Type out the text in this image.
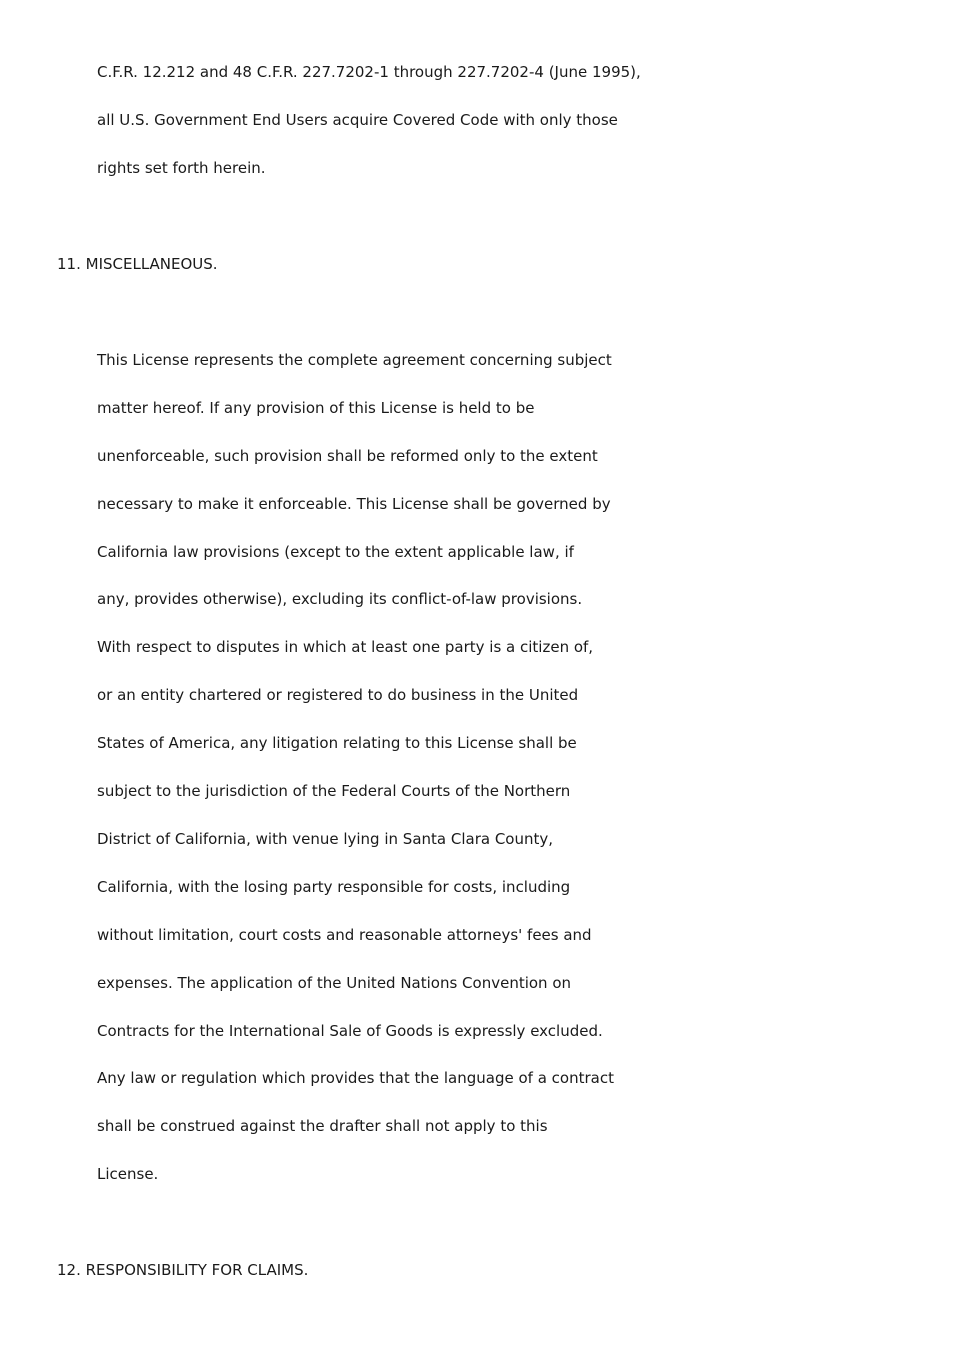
C.F.R. 12.212 and 48 C.F.R. 227.7202-1 through 227.7202-4 (June 1995),

all U.S. Government End Users acquire Covered Code with only those

rights set forth herein.

11. MISCELLANEOUS.

This License represents the complete agreement concerning subject

matter hereof. If any provision of this License is held to be

unenforceable, such provision shall be reformed only to the extent

necessary to make it enforceable. This License shall be governed by

California law provisions (except to the extent applicable law, if

any, provides otherwise), excluding its conflict-of-law provisions.

With respect to disputes in which at least one party is a citizen of,

or an entity chartered or registered to do business in the United

States of America, any litigation relating to this License shall be

subject to the jurisdiction of the Federal Courts of the Northern

District of California, with venue lying in Santa Clara County,

California, with the losing party responsible for costs, including

without limitation, court costs and reasonable attorneys' fees and

expenses. The application of the United Nations Convention on

Contracts for the International Sale of Goods is expressly excluded.

Any law or regulation which provides that the language of a contract

shall be construed against the drafter shall not apply to this

License.

12. RESPONSIBILITY FOR CLAIMS.
